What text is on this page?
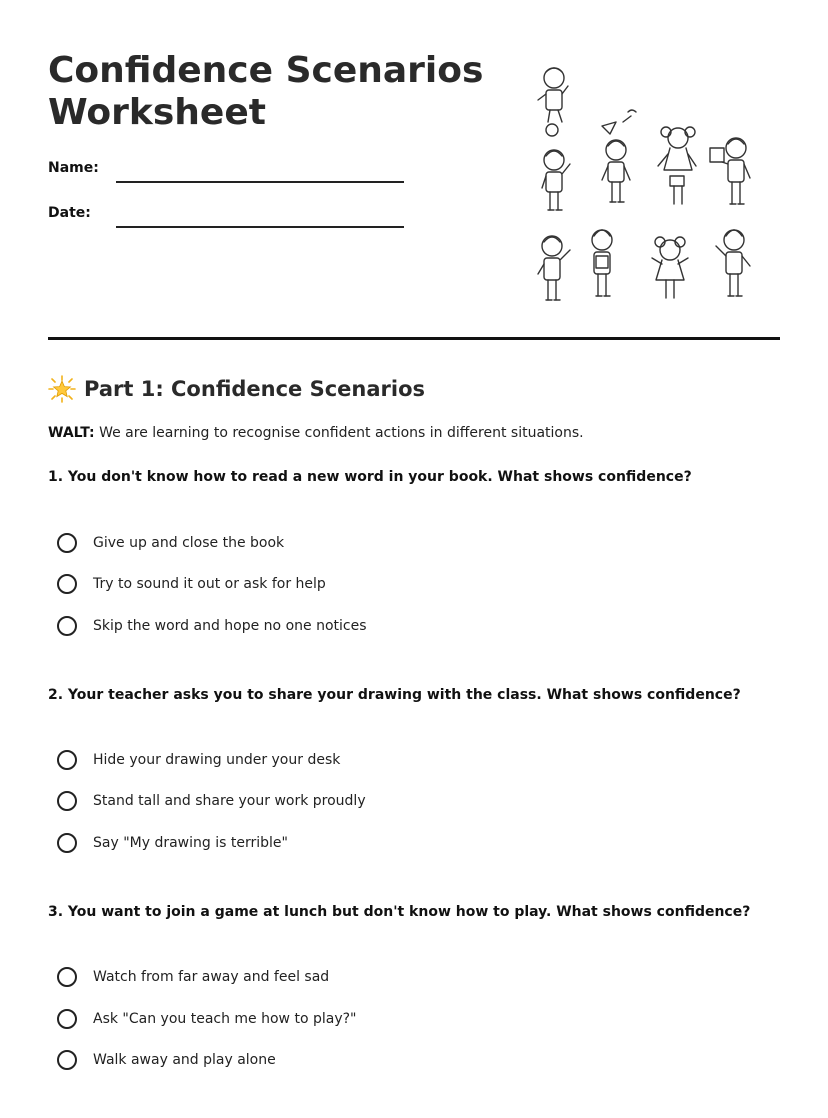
Confidence Scenarios Worksheet
Name:
Date:
Part 1: Confidence Scenarios

WALT: We are learning to recognise confident actions in different situations.

1. You don't know how to read a new word in your book. What shows confidence?

Give up and close the book
Try to sound it out or ask for help
Skip the word and hope no one notices

2. Your teacher asks you to share your drawing with the class. What shows confidence?

Hide your drawing under your desk
Stand tall and share your work proudly
Say "My drawing is terrible"

3. You want to join a game at lunch but don't know how to play. What shows confidence?

Watch from far away and feel sad
Ask "Can you teach me how to play?"
Walk away and play alone
